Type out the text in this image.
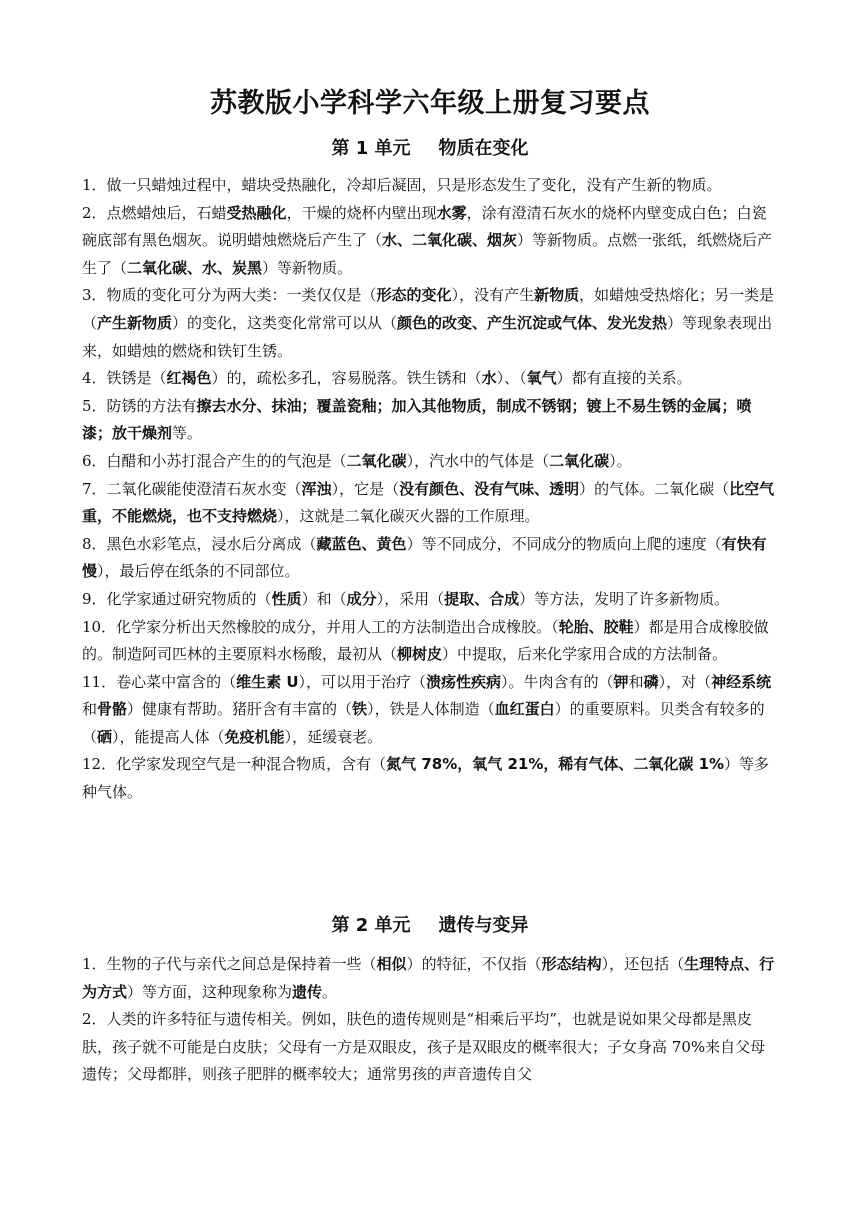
苏教版小学科学六年级上册复习要点
第 1 单元 物质在变化

1．做一只蜡烛过程中，蜡块受热融化，冷却后凝固，只是形态发生了变化，没有产生新的物质。

2．点燃蜡烛后，石蜡受热融化，干燥的烧杯内壁出现水雾，涂有澄清石灰水的烧杯内壁变成白色；白瓷碗底部有黑色烟灰。说明蜡烛燃烧后产生了（水、二氧化碳、烟灰）等新物质。点燃一张纸，纸燃烧后产生了（二氧化碳、水、炭黑）等新物质。

3．物质的变化可分为两大类：一类仅仅是（形态的变化），没有产生新物质，如蜡烛受热熔化；另一类是（产生新物质）的变化，这类变化常常可以从（颜色的改变、产生沉淀或气体、发光发热）等现象表现出来，如蜡烛的燃烧和铁钉生锈。

4．铁锈是（红褐色）的，疏松多孔，容易脱落。铁生锈和（水）、（氧气）都有直接的关系。

5．防锈的方法有擦去水分、抹油；覆盖瓷釉；加入其他物质，制成不锈钢；镀上不易生锈的金属；喷漆；放干燥剂等。

6．白醋和小苏打混合产生的的气泡是（二氧化碳），汽水中的气体是（二氧化碳）。

7．二氧化碳能使澄清石灰水变（浑浊），它是（没有颜色、没有气味、透明）的气体。二氧化碳（比空气重，不能燃烧，也不支持燃烧），这就是二氧化碳灭火器的工作原理。

8．黑色水彩笔点，浸水后分离成（藏蓝色、黄色）等不同成分，不同成分的物质向上爬的速度（有快有慢），最后停在纸条的不同部位。

9．化学家通过研究物质的（性质）和（成分），采用（提取、合成）等方法，发明了许多新物质。

10．化学家分析出天然橡胶的成分，并用人工的方法制造出合成橡胶。（轮胎、胶鞋）都是用合成橡胶做的。制造阿司匹林的主要原料水杨酸，最初从（柳树皮）中提取，后来化学家用合成的方法制备。

11．卷心菜中富含的（维生素 U），可以用于治疗（溃疡性疾病）。牛肉含有的（钾和磷），对（神经系统和骨骼）健康有帮助。猪肝含有丰富的（铁），铁是人体制造（血红蛋白）的重要原料。贝类含有较多的（硒），能提高人体（免疫机能），延缓衰老。

12．化学家发现空气是一种混合物质，含有（氮气 78%，氧气 21%，稀有气体、二氧化碳 1%）等多种气体。

第 2 单元 遗传与变异

1．生物的子代与亲代之间总是保持着一些（相似）的特征，不仅指（形态结构），还包括（生理特点、行为方式）等方面，这种现象称为遗传。

2．人类的许多特征与遗传相关。例如，肤色的遗传规则是“相乘后平均”，也就是说如果父母都是黑皮肤，孩子就不可能是白皮肤；父母有一方是双眼皮，孩子是双眼皮的概率很大；子女身高 70%来自父母遗传；父母都胖，则孩子肥胖的概率较大；通常男孩的声音遗传自父
